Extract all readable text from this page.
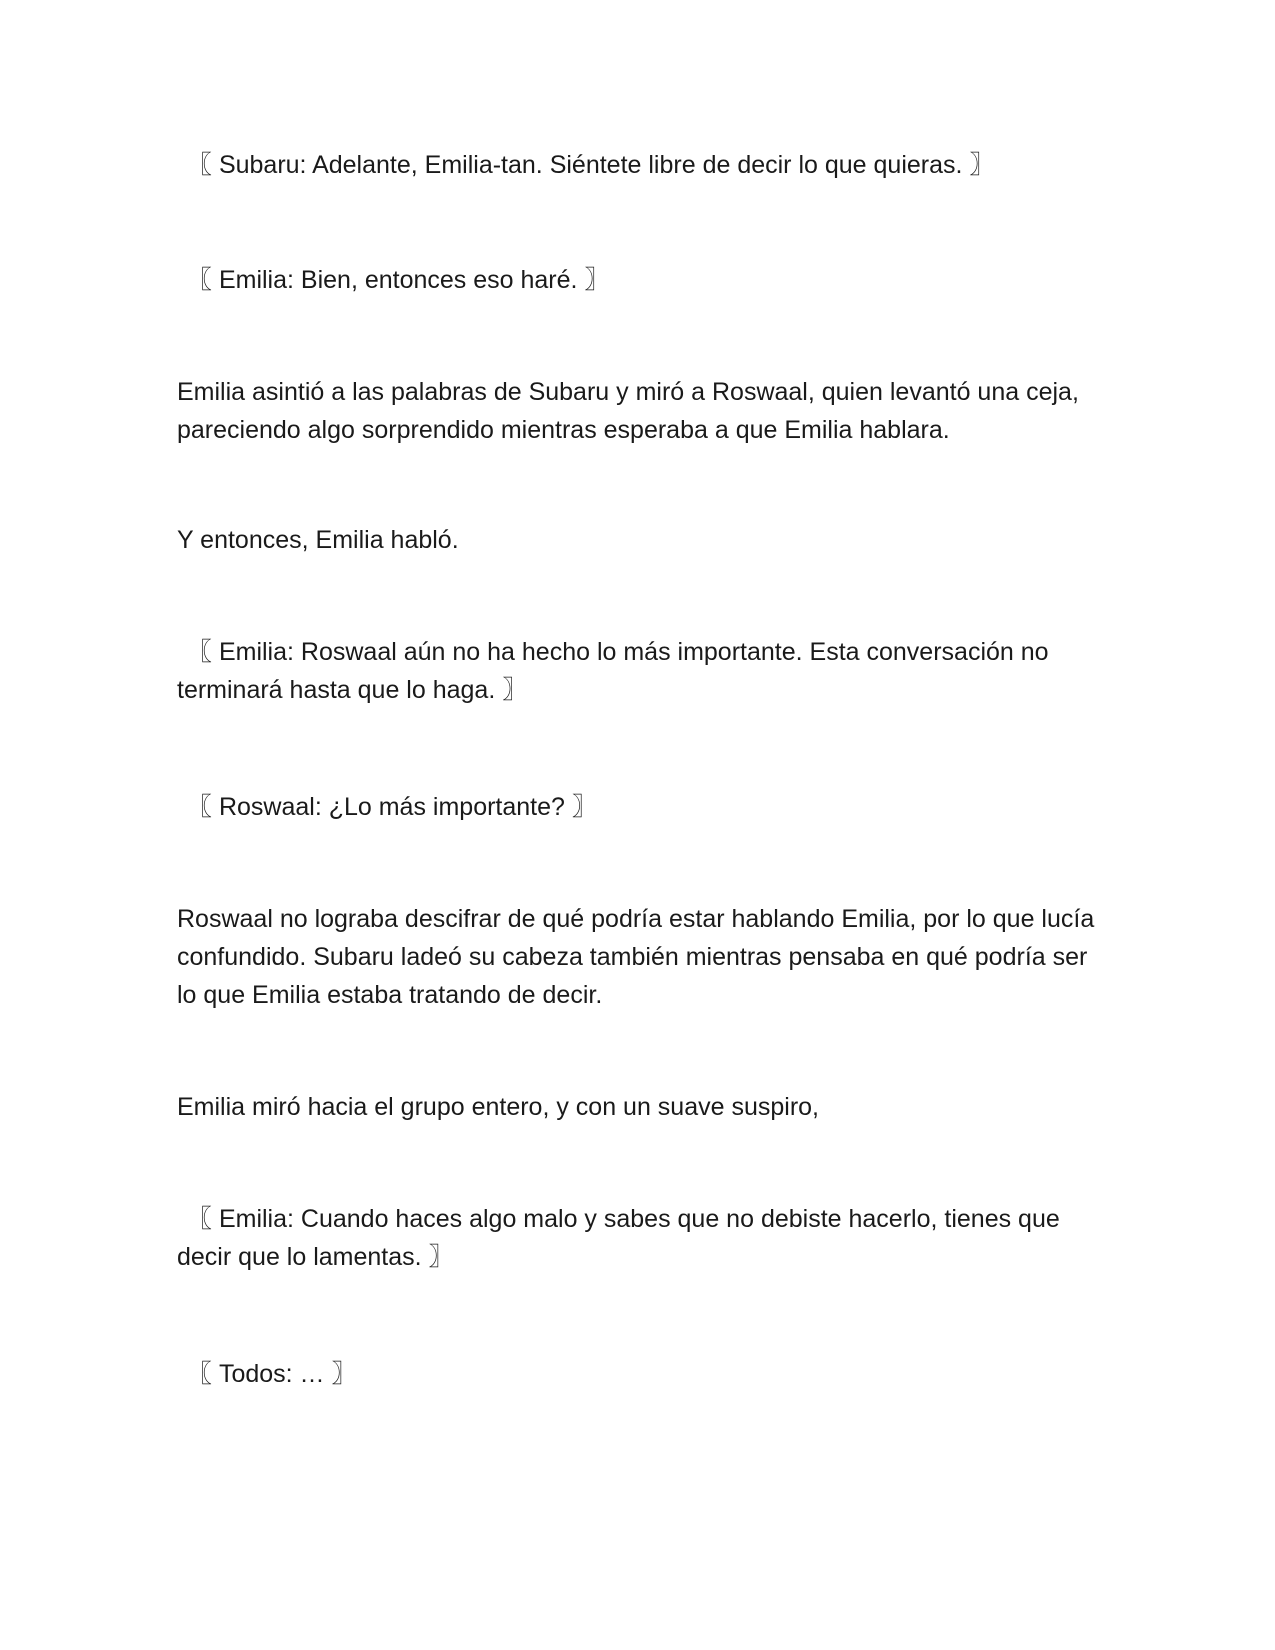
〖 Subaru: Adelante, Emilia-tan. Siéntete libre de decir lo que quieras. 〗

〖 Emilia: Bien, entonces eso haré. 〗

Emilia asintió a las palabras de Subaru y miró a Roswaal, quien levantó una ceja, pareciendo algo sorprendido mientras esperaba a que Emilia hablara.

Y entonces, Emilia habló.

〖 Emilia: Roswaal aún no ha hecho lo más importante. Esta conversación no terminará hasta que lo haga. 〗

〖 Roswaal: ¿Lo más importante? 〗

Roswaal no lograba descifrar de qué podría estar hablando Emilia, por lo que lucía confundido. Subaru ladeó su cabeza también mientras pensaba en qué podría ser lo que Emilia estaba tratando de decir.

Emilia miró hacia el grupo entero, y con un suave suspiro,

〖 Emilia: Cuando haces algo malo y sabes que no debiste hacerlo, tienes que decir que lo lamentas. 〗

〖 Todos: … 〗
